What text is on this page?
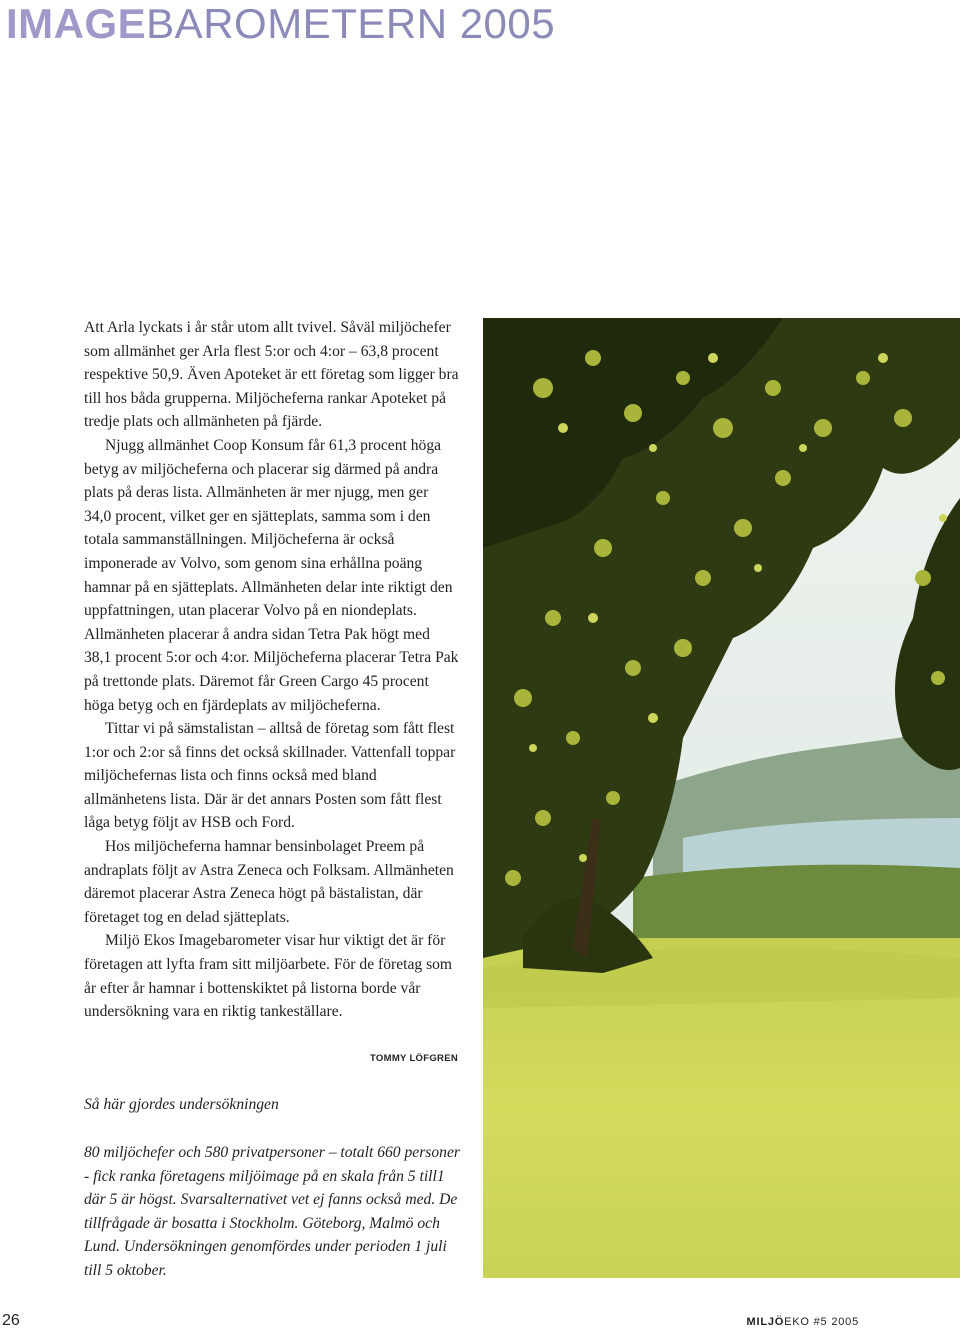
IMAGEBAROMETERN 2005

Att Arla lyckats i år står utom allt tvivel. Såväl miljöchefer som allmänhet ger Arla flest 5:or och 4:or – 63,8 procent respektive 50,9. Även Apoteket är ett företag som ligger bra till hos båda grupperna. Miljöcheferna rankar Apoteket på tredje plats och allmänheten på fjärde.

Njugg allmänhet Coop Konsum får 61,3 procent höga betyg av miljöcheferna och placerar sig därmed på andra plats på deras lista. Allmänheten är mer njugg, men ger 34,0 procent, vilket ger en sjätteplats, samma som i den totala sammanställningen. Miljöcheferna är också imponerade av Volvo, som genom sina erhållna poäng hamnar på en sjätteplats. Allmänheten delar inte riktigt den uppfattningen, utan placerar Volvo på en niondeplats. Allmänheten placerar å andra sidan Tetra Pak högt med 38,1 procent 5:or och 4:or. Miljöcheferna placerar Tetra Pak på trettonde plats. Däremot får Green Cargo 45 procent höga betyg och en fjärdeplats av miljöcheferna.

Tittar vi på sämstalistan – alltså de företag som fått flest 1:or och 2:or så finns det också skillnader. Vattenfall toppar miljöchefernas lista och finns också med bland allmänhetens lista. Där är det annars Posten som fått flest låga betyg följt av HSB och Ford.

Hos miljöcheferna hamnar bensinbolaget Preem på andraplats följt av Astra Zeneca och Folksam. Allmänheten däremot placerar Astra Zeneca högt på bästalistan, där företaget tog en delad sjätteplats.

Miljö Ekos Imagebarometer visar hur viktigt det är för företagen att lyfta fram sitt miljöarbete. För de företag som år efter år hamnar i bottenskiktet på listorna borde vår undersökning vara en riktig tankeställare.

TOMMY LÖFGREN
Så här gjordes undersökningen
80 miljöchefer och 580 privatpersoner – totalt 660 personer - fick ranka företagens miljöimage på en skala från 5 till1 där 5 är högst. Svarsalternativet vet ej fanns också med. De tillfrågade är bosatta i Stockholm. Göteborg, Malmö och Lund. Undersökningen genomfördes under perioden 1 juli till 5 oktober.
26	MILJÖEKO #5 2005
